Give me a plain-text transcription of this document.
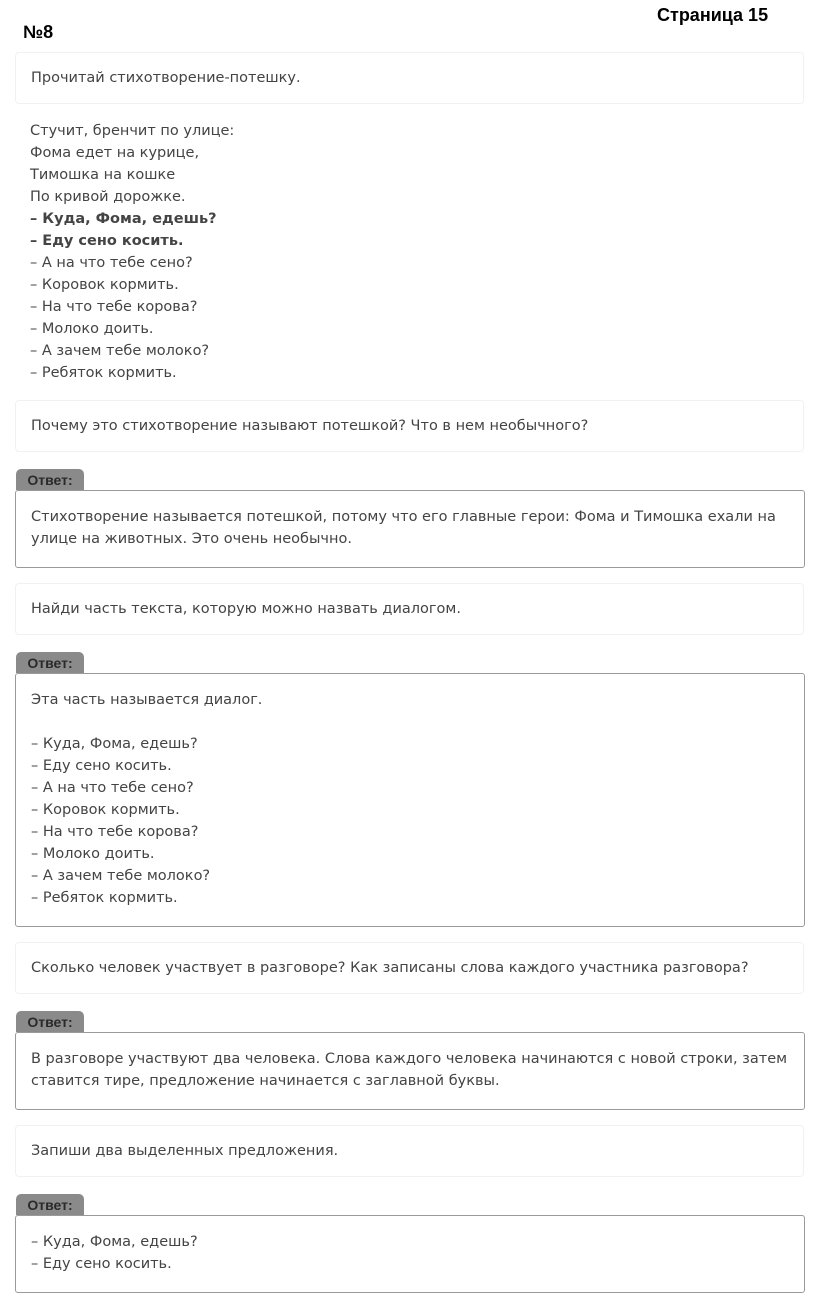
Страница 15
№8
Прочитай стихотворение-потешку.
Стучит, бренчит по улице:
Фома едет на курице,
Тимошка на кошке
По кривой дорожке.
– Куда, Фома, едешь?
– Еду сено косить.
– А на что тебе сено?
– Коровок кормить.
– На что тебе корова?
– Молоко доить.
– А зачем тебе молоко?
– Ребяток кормить.
Почему это стихотворение называют потешкой? Что в нем необычного?
Ответ:
Стихотворение называется потешкой, потому что его главные герои: Фома и Тимошка ехали на улице на животных. Это очень необычно.
Найди часть текста, которую можно назвать диалогом.
Ответ:
Эта часть называется диалог.
– Куда, Фома, едешь?
– Еду сено косить.
– А на что тебе сено?
– Коровок кормить.
– На что тебе корова?
– Молоко доить.
– А зачем тебе молоко?
– Ребяток кормить.
Сколько человек участвует в разговоре? Как записаны слова каждого участника разговора?
Ответ:
В разговоре участвуют два человека. Слова каждого человека начинаются с новой строки, затем ставится тире, предложение начинается с заглавной буквы.
Запиши два выделенных предложения.
Ответ:
– Куда, Фома, едешь?
– Еду сено косить.
